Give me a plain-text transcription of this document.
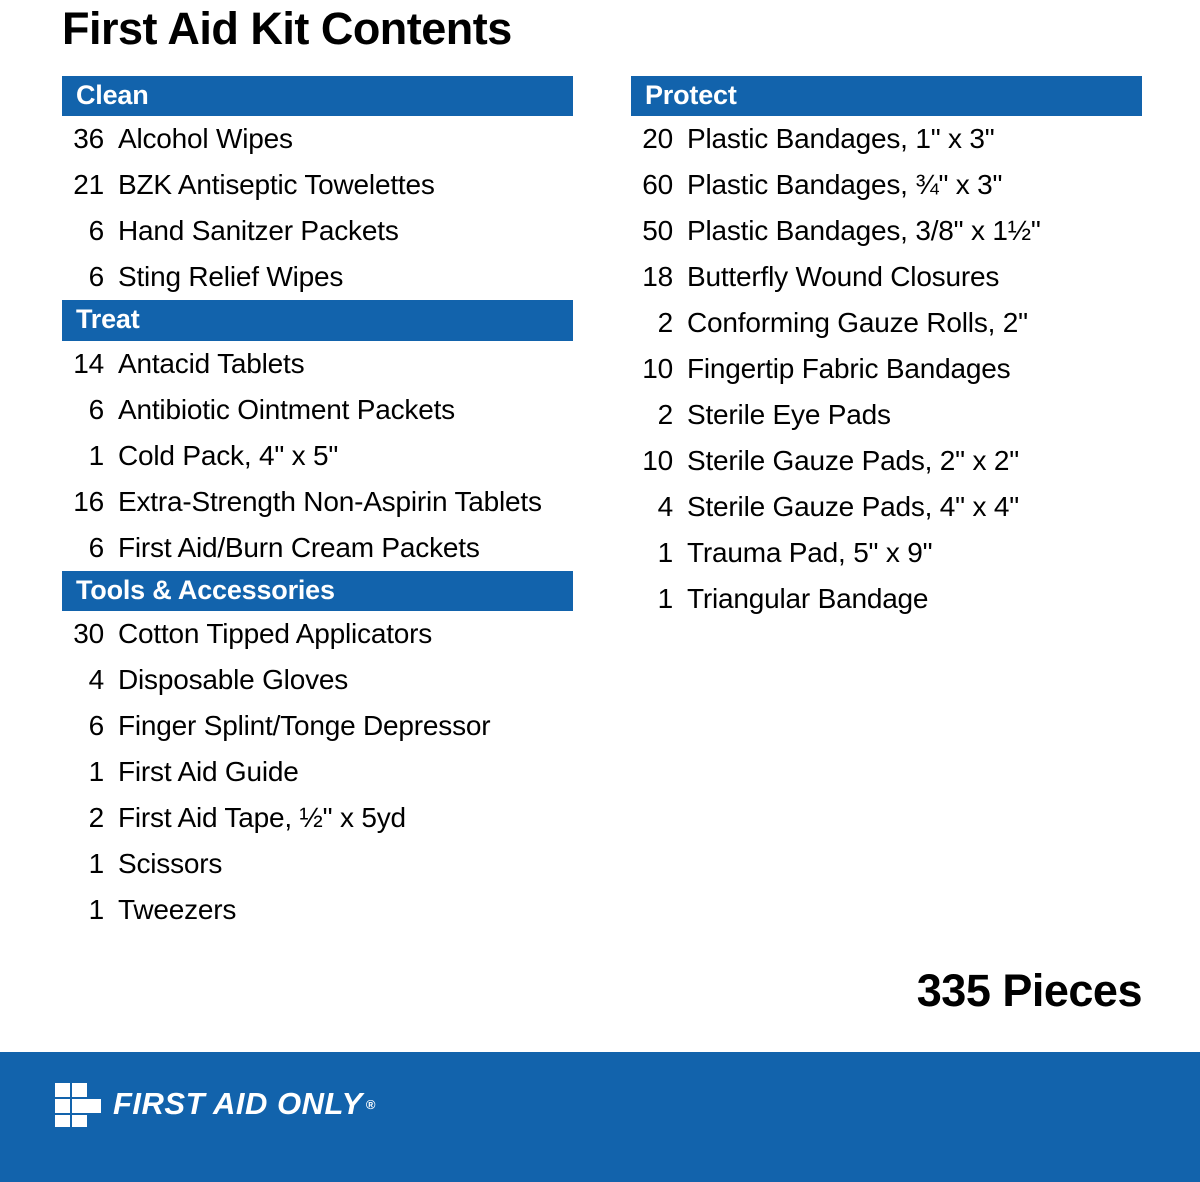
First Aid Kit Contents
Clean
36 Alcohol Wipes
21 BZK Antiseptic Towelettes
6 Hand Sanitzer Packets
6 Sting Relief Wipes
Treat
14 Antacid Tablets
6 Antibiotic Ointment Packets
1 Cold Pack, 4" x 5"
16 Extra-Strength Non-Aspirin Tablets
6 First Aid/Burn Cream Packets
Tools & Accessories
30 Cotton Tipped Applicators
4 Disposable Gloves
6 Finger Splint/Tonge Depressor
1 First Aid Guide
2 First Aid Tape, ½" x 5yd
1 Scissors
1 Tweezers
Protect
20 Plastic Bandages, 1" x 3"
60 Plastic Bandages, ¾" x 3"
50 Plastic Bandages, 3/8" x 1½"
18 Butterfly Wound Closures
2 Conforming Gauze Rolls, 2"
10 Fingertip Fabric Bandages
2 Sterile Eye Pads
10 Sterile Gauze Pads, 2" x 2"
4 Sterile Gauze Pads, 4" x 4"
1 Trauma Pad, 5" x 9"
1 Triangular Bandage
335 Pieces
FIRST AID ONLY ®
